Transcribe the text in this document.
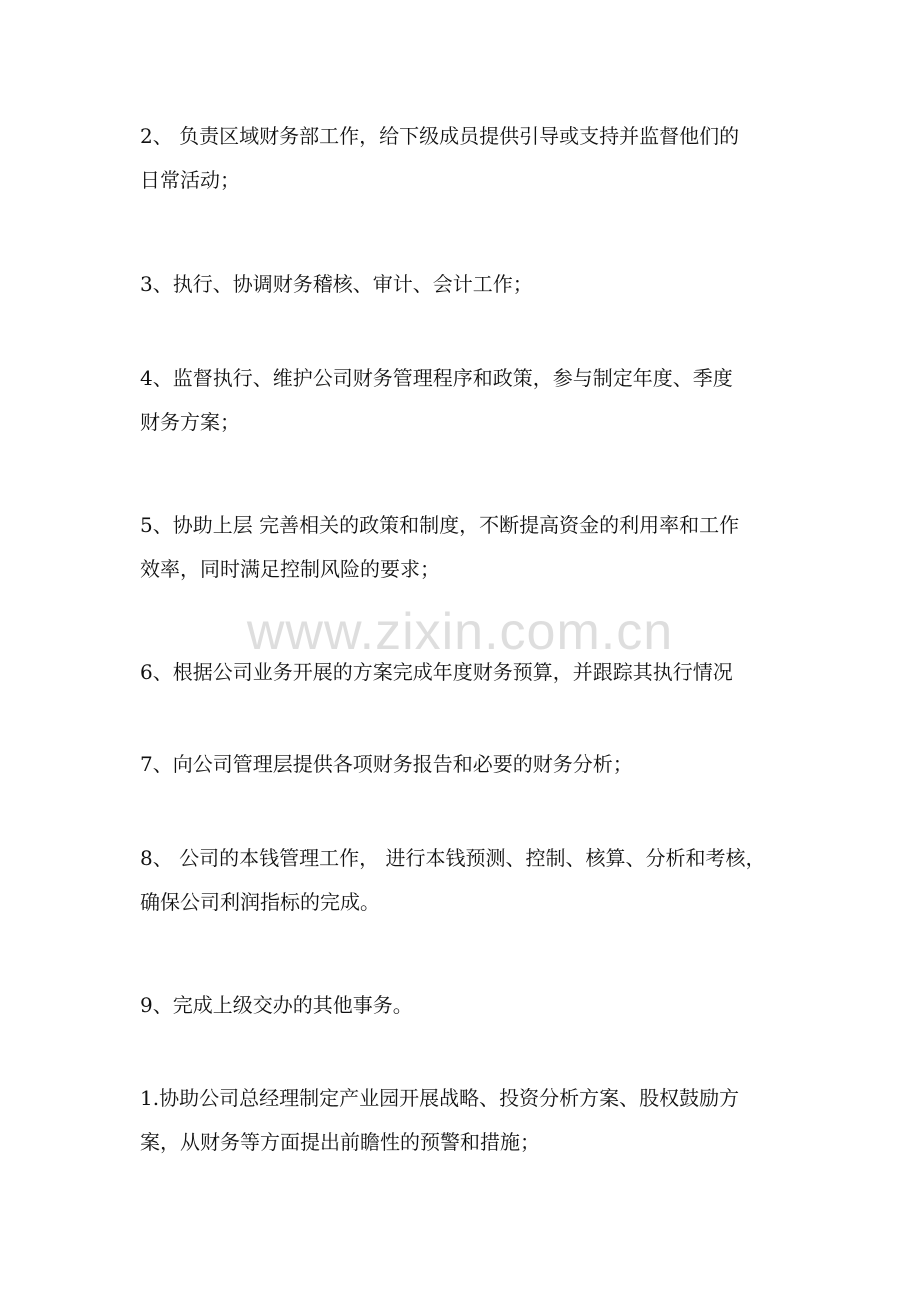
2、 负责区域财务部工作，给下级成员提供引导或支持并监督他们的
日常活动；

3、执行、协调财务稽核、审计、会计工作；

4、监督执行、维护公司财务管理程序和政策，参与制定年度、季度
财务方案；

5、协助上层 完善相关的政策和制度，不断提高资金的利用率和工作
效率，同时满足控制风险的要求；

6、根据公司业务开展的方案完成年度财务预算，并跟踪其执行情况

7、向公司管理层提供各项财务报告和必要的财务分析；

8、 公司的本钱管理工作， 进行本钱预测、控制、核算、分析和考核，
确保公司利润指标的完成。

9、完成上级交办的其他事务。

1.协助公司总经理制定产业园开展战略、投资分析方案、股权鼓励方
案，从财务等方面提出前瞻性的预警和措施；

www.zixin.com.cn
